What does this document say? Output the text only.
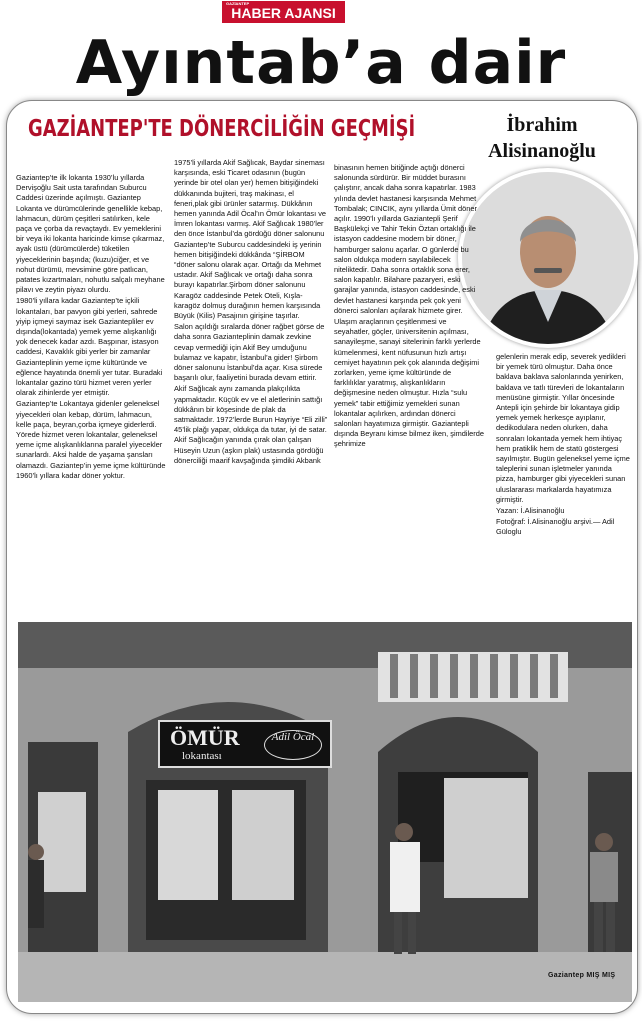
GAZİANTEP
HABER AJANSI
Ayıntab’a dair
GAZİANTEP'TE DÖNERCİLİĞİN GEÇMİŞİ	İbrahim
Alisinanoğlu

Gaziantep’te ilk lokanta 1930’lu yıllarda Dervişoğlu Sait usta tarafından Suburcu Caddesi üzerinde açılmıştı. Gaziantep Lokanta ve dürümcülerinde genellikle kebap, lahmacun, dürüm çeşitleri satılırken, kele paça ve çorba da revaçtaydı. Ev yemeklerini bir veya iki lokanta haricinde kimse çıkarmaz, ayak üstü (dürümcülerde) tüketilen yiyeceklerinin başında; (kuzu)ciğer, et ve nohut dürümü, mevsimine göre patlıcan, patates kızartmaları, nohutlu salçalı meyhane pilavı ve zeytin piyazı olurdu.

1980’li yıllara kadar Gaziantep’te içkili lokantaları, bar pavyon gibi yerleri, sahrede yiyip içmeyi saymaz isek Gaziantepliler ev dışında(lokantada) yemek yeme alışkanlığı yok denecek kadar azdı. Başpınar, istasyon caddesi, Kavaklık gibi yerler bir zamanlar Gazianteplinin yeme içme kültüründe ve eğlence hayatında önemli yer tutar. Buradaki lokantalar gazino türü hizmet veren yerler olarak zihinlerde yer etmiştir.

Gaziantep’te Lokantaya gidenler geleneksel yiyecekleri olan kebap, dürüm, lahmacun, kelle paça, beyran,çorba içmeye giderlerdi. Yörede hizmet veren lokantalar, geleneksel yeme içme alışkanlıklarına paralel yiyecekler sunarlardı. Aksi halde de yaşama şansları olamazdı. Gaziantep’in yeme içme kültüründe 1960’lı yıllara kadar döner yoktur.

1975’li yıllarda Akif Sağlıcak, Baydar sineması karşısında, eski Ticaret odasının (bugün yerinde bir otel olan yer) hemen bitişiğindeki dükkanında bujiteri, traş makinası, el feneri,plak gibi ürünler satarmış. Dükkânın hemen yanında Adil Öcal’ın Ömür lokantası ve İmren lokantası varmış. Akif Sağlıcak 1980’ler den önce İstanbul’da gördüğü döner salonunu Gaziantep’te Suburcu caddesindeki iş yerinin hemen bitişiğindeki dükkânda “ŞİRBOM “döner salonu olarak açar. Ortağı da Mehmet ustadır. Akif Sağlıcak ve ortağı daha sonra burayı kapatırlar.Şirbom döner salonunu Karagöz caddesinde Petek Oteli, Kışla-karagöz dolmuş durağının hemen karşısında Büyük (Kilis) Pasajının girişine taşırlar.

Salon açıldığı sıralarda döner rağbet görse de daha sonra Gazianteplinin damak zevkine cevap vermediği için Akif Bey umduğunu bulamaz ve kapatır, İstanbul’a gider! Şirbom döner salonunu İstanbul’da açar. Kısa sürede başarılı olur, faaliyetini burada devam ettirir.

Akif Sağlıcak aynı zamanda plakçılıkta yapmaktadır. Küçük ev ve el aletlerinin sattığı dükkânın bir köşesinde de plak da satmaktadır. 1972’lerde Burun Hayriye “Eli zilli” 45’lik plağı yapar, oldukça da tutar, iyi de satar. Akif Sağlıcağın yanında çırak olan çalışan Hüseyin Uzun (aşkın plak) ustasında gördüğü dönerciliği maarif kavşağında şimdiki Akbank

binasının hemen bitiğinde açtığı dönerci salonunda sürdürür. Bir müddet burasını çalıştırır, ancak daha sonra kapatırlar. 1983 yılında devlet hastanesi karşısında Mehmet Tombalak; CINCIK, aynı yıllarda Ümit döner açılır. 1990’lı yıllarda Gaziantepli Şerif Başkülekçi ve Tahir Tekin Öztan ortaklığı ile istasyon caddesine modern bir döner, hamburger salonu açarlar. O günlerde bu salon oldukça modern sayılabilecek niteliktedir. Daha sonra ortaklık sona erer, salon kapatılır. Bilahare pazaryeri, eski garajlar yanında, istasyon caddesinde, eski devlet hastanesi karşında pek çok yeni dönerci salonları açılarak hizmete girer.

Ulaşım araçlarının çeşitlenmesi ve seyahatler, göçler, üniversitenin açılması, sanayileşme, sanayi sitelerinin farklı yerlerde kümelenmesi, kent nüfusunun hızlı artışı cemiyet hayatının pek çok alanında değişimi zorlarken, yeme içme kültüründe de farklılıklar yaratmış, alışkanlıkların değişmesine neden olmuştur. Hızla “sulu yemek” tabir ettiğimiz yemekleri sunan lokantalar açılırken, ardından dönerci salonları hayatımıza girmiştir. Gaziantepli dışında Beyranı kimse bilmez iken, şimdilerde şehrimize

gelenlerin merak edip, severek yedikleri bir yemek türü olmuştur. Daha önce baklava baklava salonlarında yenirken, baklava ve tatlı türevleri de lokantaların menüsüne girmiştir. Yıllar öncesinde Antepli için şehirde bir lokantaya gidip yemek yemek herkesçe ayıplanır, dedikodulara neden olurken, daha sonraları lokantada yemek hem ihtiyaç hem pratiklik hem de statü göstergesi sayılmıştır. Bugün geleneksel yeme içme taleplerini sunan işletmeler yanında pizza, hamburger gibi yiyecekleri sunan uluslararası markalarda hayatımıza girmiştir.

Yazan: İ.Alisinanoğlu

Fotoğraf: İ.Alisinanoğlu arşivi.— Adil Güloglu

ÖMÜR
lokantası
Adil Öcal
Gaziantep MIŞ MIŞ
